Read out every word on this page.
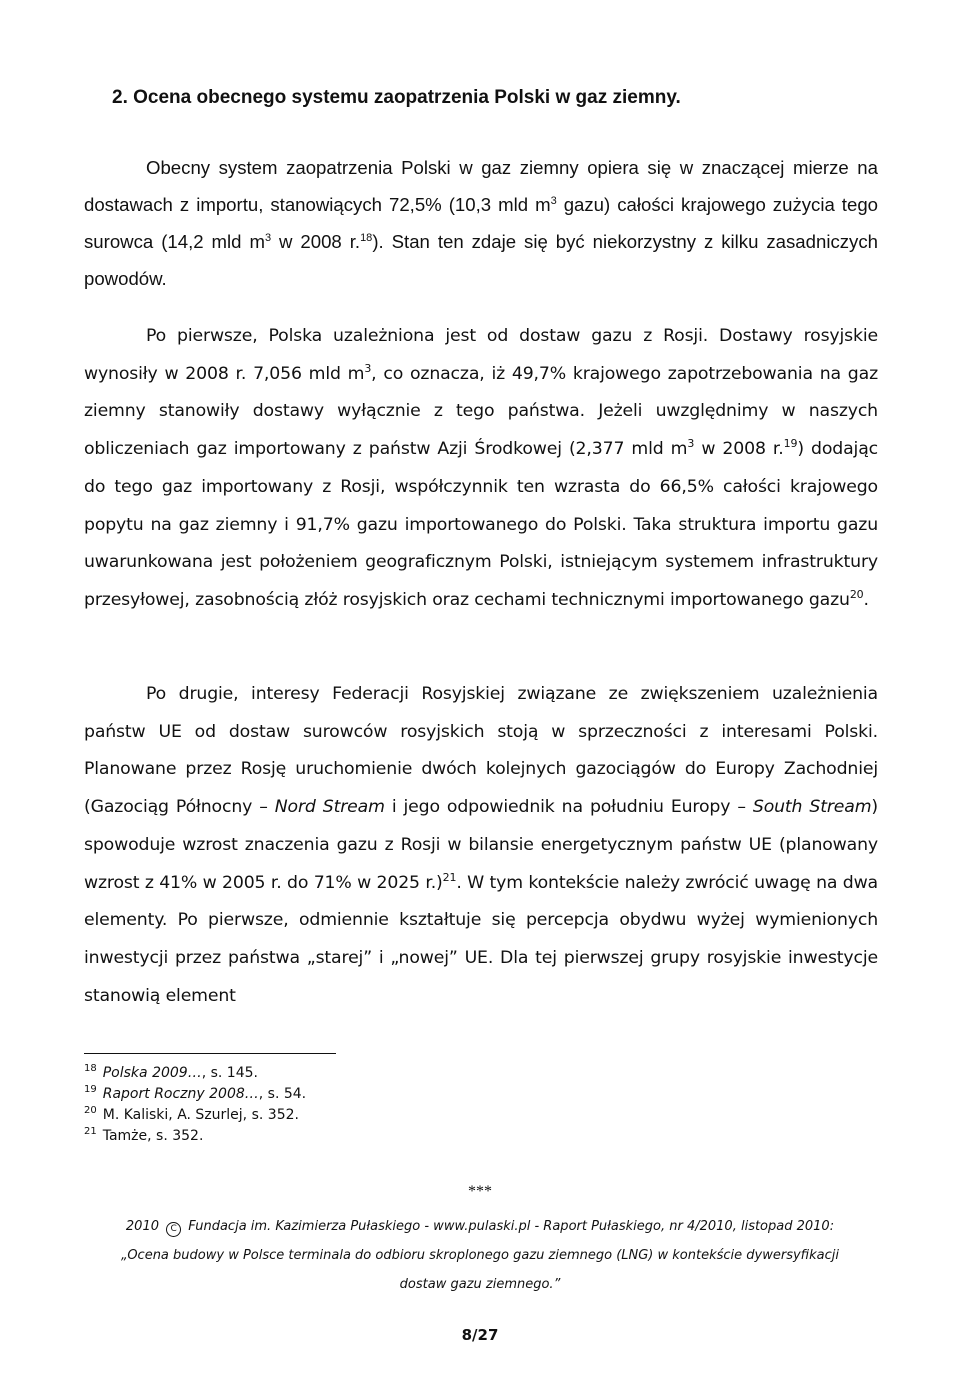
2. Ocena obecnego systemu zaopatrzenia Polski w gaz ziemny.

Obecny system zaopatrzenia Polski w gaz ziemny opiera się w znaczącej mierze na dostawach z importu, stanowiących 72,5% (10,3 mld $m^3$ gazu) całości krajowego zużycia tego surowca (14,2 mld $m^3$ w 2008 r.$^{18}$). Stan ten zdaje się być niekorzystny z kilku zasadniczych powodów.

Po pierwsze, Polska uzależniona jest od dostaw gazu z Rosji. Dostawy rosyjskie wynosiły w 2008 r. 7,056 mld $m^3$, co oznacza, iż 49,7% krajowego zapotrzebowania na gaz ziemny stanowiły dostawy wyłącznie z tego państwa. Jeżeli uwzględnimy w naszych obliczeniach gaz importowany z państw Azji Środkowej (2,377 mld $m^3$ w 2008 r.$^{19}$) dodając do tego gaz importowany z Rosji, współczynnik ten wzrasta do 66,5% całości krajowego popytu na gaz ziemny i 91,7% gazu importowanego do Polski. Taka struktura importu gazu uwarunkowana jest położeniem geograficznym Polski, istniejącym systemem infrastruktury przesyłowej, zasobnością złóż rosyjskich oraz cechami technicznymi importowanego gazu$^{20}$.

Po drugie, interesy Federacji Rosyjskiej związane ze zwiększeniem uzależnienia państw UE od dostaw surowców rosyjskich stoją w sprzeczności z interesami Polski. Planowane przez Rosję uruchomienie dwóch kolejnych gazociągów do Europy Zachodniej (Gazociąg Północny – Nord Stream i jego odpowiednik na południu Europy – South Stream) spowoduje wzrost znaczenia gazu z Rosji w bilansie energetycznym państw UE (planowany wzrost z 41% w 2005 r. do 71% w 2025 r.)$^{21}$. W tym kontekście należy zwrócić uwagę na dwa elementy. Po pierwsze, odmiennie kształtuje się percepcja obydwu wyżej wymienionych inwestycji przez państwa „starej” i „nowej” UE. Dla tej pierwszej grupy rosyjskie inwestycje stanowią element

$^{18}$ Polska 2009…, s. 145.
$^{19}$ Raport Roczny 2008…, s. 54.
$^{20}$ M. Kaliski, A. Szurlej, s. 352.
$^{21}$ Tamże, s. 352.
***
2010 C Fundacja im. Kazimierza Pułaskiego - www.pulaski.pl - Raport Pułaskiego, nr 4/2010, listopad 2010:
„Ocena budowy w Polsce terminala do odbioru skroplonego gazu ziemnego (LNG) w kontekście dywersyfikacji
dostaw gazu ziemnego.”
8/27
